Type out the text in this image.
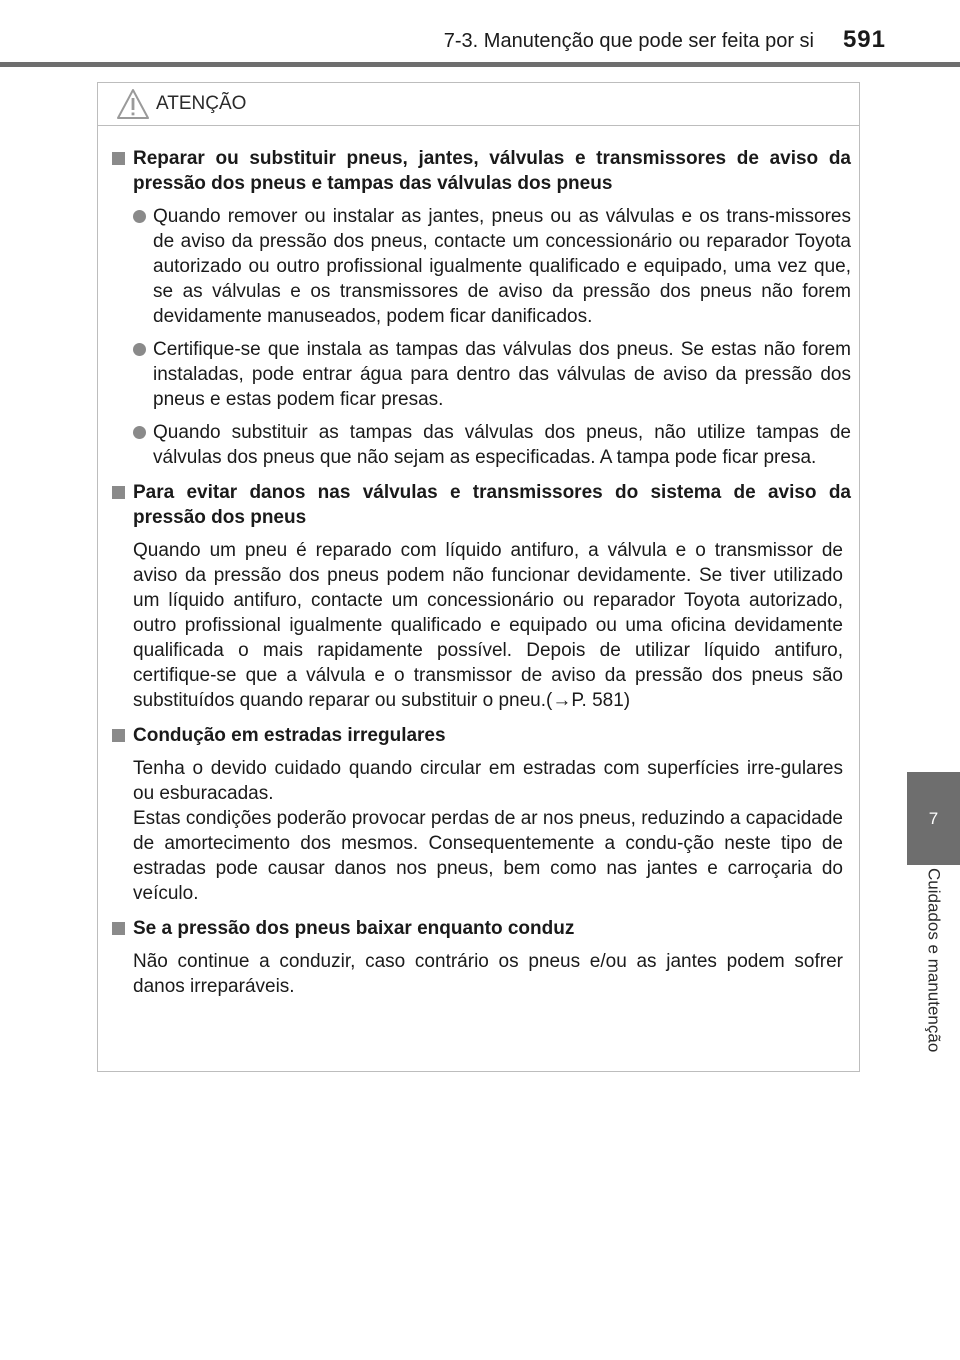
7-3. Manutenção que pode ser feita por si 591
7
Cuidados e manutenção
ATENÇÃO
Reparar ou substituir pneus, jantes, válvulas e transmissores de aviso da pressão dos pneus e tampas das válvulas dos pneus
Quando remover ou instalar as jantes, pneus ou as válvulas e os trans-missores de aviso da pressão dos pneus, contacte um concessionário ou reparador Toyota autorizado ou outro profissional igualmente qualificado e equipado, uma vez que, se as válvulas e os transmissores de aviso da pressão dos pneus não forem devidamente manuseados, podem ficar danificados.
Certifique-se que instala as tampas das válvulas dos pneus. Se estas não forem instaladas, pode entrar água para dentro das válvulas de aviso da pressão dos pneus e estas podem ficar presas.
Quando substituir as tampas das válvulas dos pneus, não utilize tampas de válvulas dos pneus que não sejam as especificadas. A tampa pode ficar presa.
Para evitar danos nas válvulas e transmissores do sistema de aviso da pressão dos pneus
Quando um pneu é reparado com líquido antifuro, a válvula e o transmissor de aviso da pressão dos pneus podem não funcionar devidamente. Se tiver utilizado um líquido antifuro, contacte um concessionário ou reparador Toyota autorizado, outro profissional igualmente qualificado e equipado ou uma oficina devidamente qualificada o mais rapidamente possível. Depois de utilizar líquido antifuro, certifique-se que a válvula e o transmissor de aviso da pressão dos pneus são substituídos quando reparar ou substituir o pneu.(→P. 581)
Condução em estradas irregulares
Tenha o devido cuidado quando circular em estradas com superfícies irre-gulares ou esburacadas.
Estas condições poderão provocar perdas de ar nos pneus, reduzindo a capacidade de amortecimento dos mesmos. Consequentemente a condu-ção neste tipo de estradas pode causar danos nos pneus, bem como nas jantes e carroçaria do veículo.
Se a pressão dos pneus baixar enquanto conduz
Não continue a conduzir, caso contrário os pneus e/ou as jantes podem sofrer danos irreparáveis.
